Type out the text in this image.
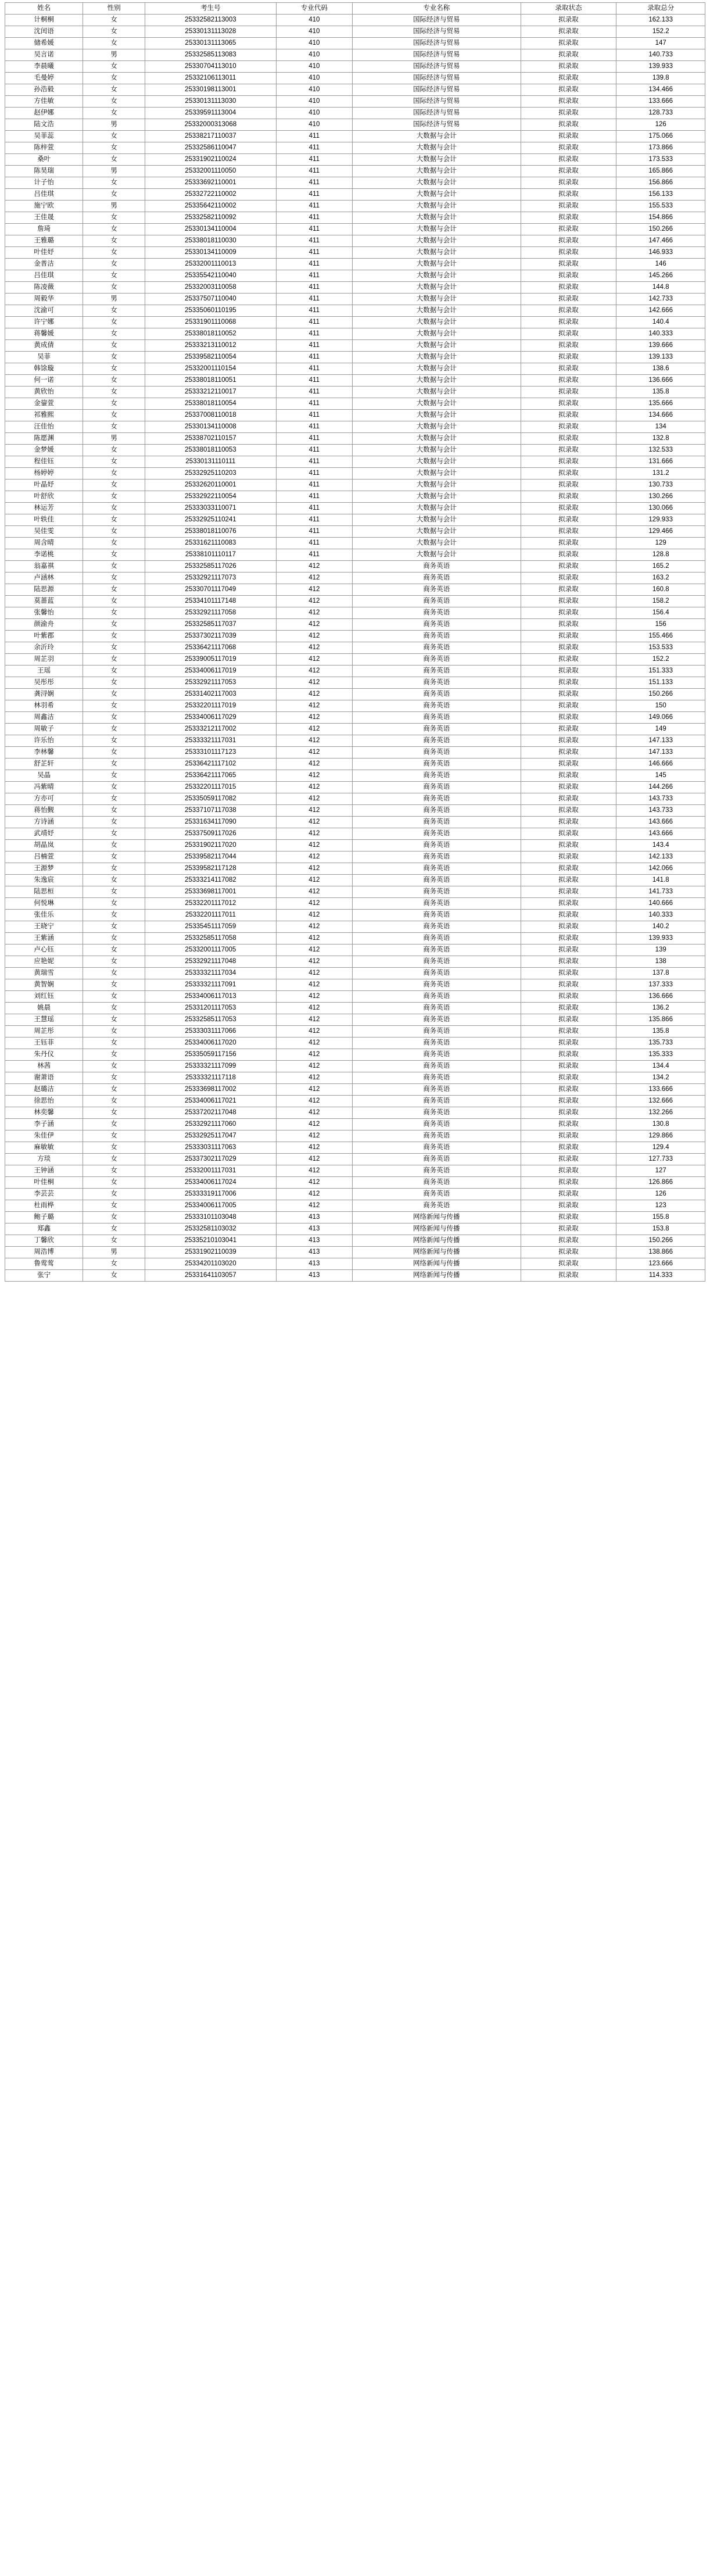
姓名	性别	考生号	专业代码	专业名称	录取状态	录取总分
计桐桐	女	25332582113003	410	国际经济与贸易	拟录取	162.133
沈闰语	女	25330131113028	410	国际经济与贸易	拟录取	152.2
储希媛	女	25330131113065	410	国际经济与贸易	拟录取	147
吴言诺	男	25332585113083	410	国际经济与贸易	拟录取	140.733
李晨曦	女	25330704113010	410	国际经济与贸易	拟录取	139.933
毛曼婷	女	25332106113011	410	国际经济与贸易	拟录取	139.8
孙浩毅	女	25330198113001	410	国际经济与贸易	拟录取	134.466
方佳敏	女	25330131113030	410	国际经济与贸易	拟录取	133.666
赵伊娜	女	25339591113004	410	国际经济与贸易	拟录取	128.733
陆文浩	男	25332000313068	410	国际经济与贸易	拟录取	126
吴菲蕊	女	25338217110037	411	大数据与会计	拟录取	175.066
陈梓萱	女	25332586110047	411	大数据与会计	拟录取	173.866
桑叶	女	25331902110024	411	大数据与会计	拟录取	173.533
陈昊瑞	男	25332001110050	411	大数据与会计	拟录取	165.866
计子怡	女	25333692110001	411	大数据与会计	拟录取	156.866
吕佳琪	女	25332722110002	411	大数据与会计	拟录取	156.133
施宁欧	男	25335642110002	411	大数据与会计	拟录取	155.533
王佳晟	女	25332582110092	411	大数据与会计	拟录取	154.866
詹琦	女	25330134110004	411	大数据与会计	拟录取	150.266
王雅璐	女	25338018110030	411	大数据与会计	拟录取	147.466
叶佳妤	女	25330134110009	411	大数据与会计	拟录取	146.933
金普洁	女	25332001110013	411	大数据与会计	拟录取	146
吕佳琪	女	25335542110040	411	大数据与会计	拟录取	145.266
陈凌薇	女	25332003110058	411	大数据与会计	拟录取	144.8
周毅华	男	25337507110040	411	大数据与会计	拟录取	142.733
沈渝可	女	25335060110195	411	大数据与会计	拟录取	142.666
许宁娜	女	25331901110068	411	大数据与会计	拟录取	140.4
蒋馨媛	女	25338018110052	411	大数据与会计	拟录取	140.333
黄成倩	女	25333213110012	411	大数据与会计	拟录取	139.666
吴菲	女	25339582110054	411	大数据与会计	拟录取	139.133
韩馀璇	女	25332001110154	411	大数据与会计	拟录取	138.6
何一诺	女	25338018110051	411	大数据与会计	拟录取	136.666
黄欣怡	女	25333212110017	411	大数据与会计	拟录取	135.8
金鋆萱	女	25338018110054	411	大数据与会计	拟录取	135.666
祁雅熙	女	25337008110018	411	大数据与会计	拟录取	134.666
汪佳怡	女	25330134110008	411	大数据与会计	拟录取	134
陈愿渊	男	25338702110157	411	大数据与会计	拟录取	132.8
金梦媛	女	25338018110053	411	大数据与会计	拟录取	132.533
程佳钰	女	25330131110111	411	大数据与会计	拟录取	131.666
杨婷婷	女	25332925110203	411	大数据与会计	拟录取	131.2
叶晶妤	女	25332620110001	411	大数据与会计	拟录取	130.733
叶舒欣	女	25332922110054	411	大数据与会计	拟录取	130.266
林运芳	女	25333033110071	411	大数据与会计	拟录取	130.066
叶轶佳	女	25332925110241	411	大数据与会计	拟录取	129.933
吴佳雯	女	25338018110076	411	大数据与会计	拟录取	129.466
周含晴	女	25331621110083	411	大数据与会计	拟录取	129
李诺桃	女	25338101110117	411	大数据与会计	拟录取	128.8
翁嘉祺	女	25332585117026	412	商务英语	拟录取	165.2
卢涵林	女	25332921117073	412	商务英语	拟录取	163.2
陆思源	女	25330701117049	412	商务英语	拟录取	160.8
莫蔷蓝	女	25334101117148	412	商务英语	拟录取	158.2
张馨怡	女	25332921117058	412	商务英语	拟录取	156.4
颜渝舟	女	25332585117037	412	商务英语	拟录取	156
叶紫郡	女	25337302117039	412	商务英语	拟录取	155.466
余沂玲	女	25336421117068	412	商务英语	拟录取	153.533
周芷羽	女	25339005117019	412	商务英语	拟录取	152.2
王瑶	女	25334006117019	412	商务英语	拟录取	151.333
吴彤彤	女	25332921117053	412	商务英语	拟录取	151.133
龚浔娴	女	25331402117003	412	商务英语	拟录取	150.266
林羽希	女	25332201117019	412	商务英语	拟录取	150
周鑫洁	女	25334006117029	412	商务英语	拟录取	149.066
周敏子	女	25333212117002	412	商务英语	拟录取	149
许乐怡	女	25333321117031	412	商务英语	拟录取	147.133
李林馨	女	25333101117123	412	商务英语	拟录取	147.133
舒芷轩	女	25336421117102	412	商务英语	拟录取	146.666
吴晶	女	25336421117065	412	商务英语	拟录取	145
冯紫晴	女	25332201117015	412	商务英语	拟录取	144.266
方亦可	女	25335059117082	412	商务英语	拟录取	143.733
蒋怡觐	女	25337107117038	412	商务英语	拟录取	143.733
方诗涵	女	25331634117090	412	商务英语	拟录取	143.666
武靖妤	女	25337509117026	412	商务英语	拟录取	143.666
胡晶岚	女	25331902117020	412	商务英语	拟录取	143.4
吕楠萱	女	25339582117044	412	商务英语	拟录取	142.133
王源梦	女	25339582117128	412	商务英语	拟录取	142.066
朱逸宸	女	25333214117082	412	商务英语	拟录取	141.8
陆思桓	女	25333698117001	412	商务英语	拟录取	141.733
何悦琳	女	25332201117012	412	商务英语	拟录取	140.666
张佳乐	女	25332201117011	412	商务英语	拟录取	140.333
王晓宁	女	25335451117059	412	商务英语	拟录取	140.2
王紫涵	女	25332585117058	412	商务英语	拟录取	139.933
卢心钰	女	25332001117005	412	商务英语	拟录取	139
应艳妮	女	25332921117048	412	商务英语	拟录取	138
黄瑞雪	女	25333321117034	412	商务英语	拟录取	137.8
黄智娴	女	25333321117091	412	商务英语	拟录取	137.333
刘红钰	女	25334006117013	412	商务英语	拟录取	136.666
姚晨	女	25331201117053	412	商务英语	拟录取	136.2
王慧瑶	女	25332585117053	412	商务英语	拟录取	135.866
周芷彤	女	25333031117066	412	商务英语	拟录取	135.8
王钰菲	女	25334006117020	412	商务英语	拟录取	135.733
朱丹仪	女	25335059117156	412	商务英语	拟录取	135.333
林茜	女	25333321117099	412	商务英语	拟录取	134.4
谢萧语	女	25333321117118	412	商务英语	拟录取	134.2
赵璐洁	女	25333698117002	412	商务英语	拟录取	133.666
徐思怡	女	25334006117021	412	商务英语	拟录取	132.666
林奕馨	女	25337202117048	412	商务英语	拟录取	132.266
李子涵	女	25332921117060	412	商务英语	拟录取	130.8
朱佳伊	女	25332925117047	412	商务英语	拟录取	129.866
麻敏敏	女	25333031117063	412	商务英语	拟录取	129.4
方琰	女	25337302117029	412	商务英语	拟录取	127.733
王钟涵	女	25332001117031	412	商务英语	拟录取	127
叶佳桐	女	25334006117024	412	商务英语	拟录取	126.866
李芸芸	女	25333319117006	412	商务英语	拟录取	126
杜雨桦	女	25334006117005	412	商务英语	拟录取	123
鲍子璐	女	25333101103048	413	网络新闻与传播	拟录取	155.8
郑鑫	女	25332581103032	413	网络新闻与传播	拟录取	153.8
丁馨欣	女	25335210103041	413	网络新闻与传播	拟录取	150.266
周浩博	男	25331902110039	413	网络新闻与传播	拟录取	138.866
鲁莺莺	女	25334201103020	413	网络新闻与传播	拟录取	123.666
张宁	女	25331641103057	413	网络新闻与传播	拟录取	114.333
